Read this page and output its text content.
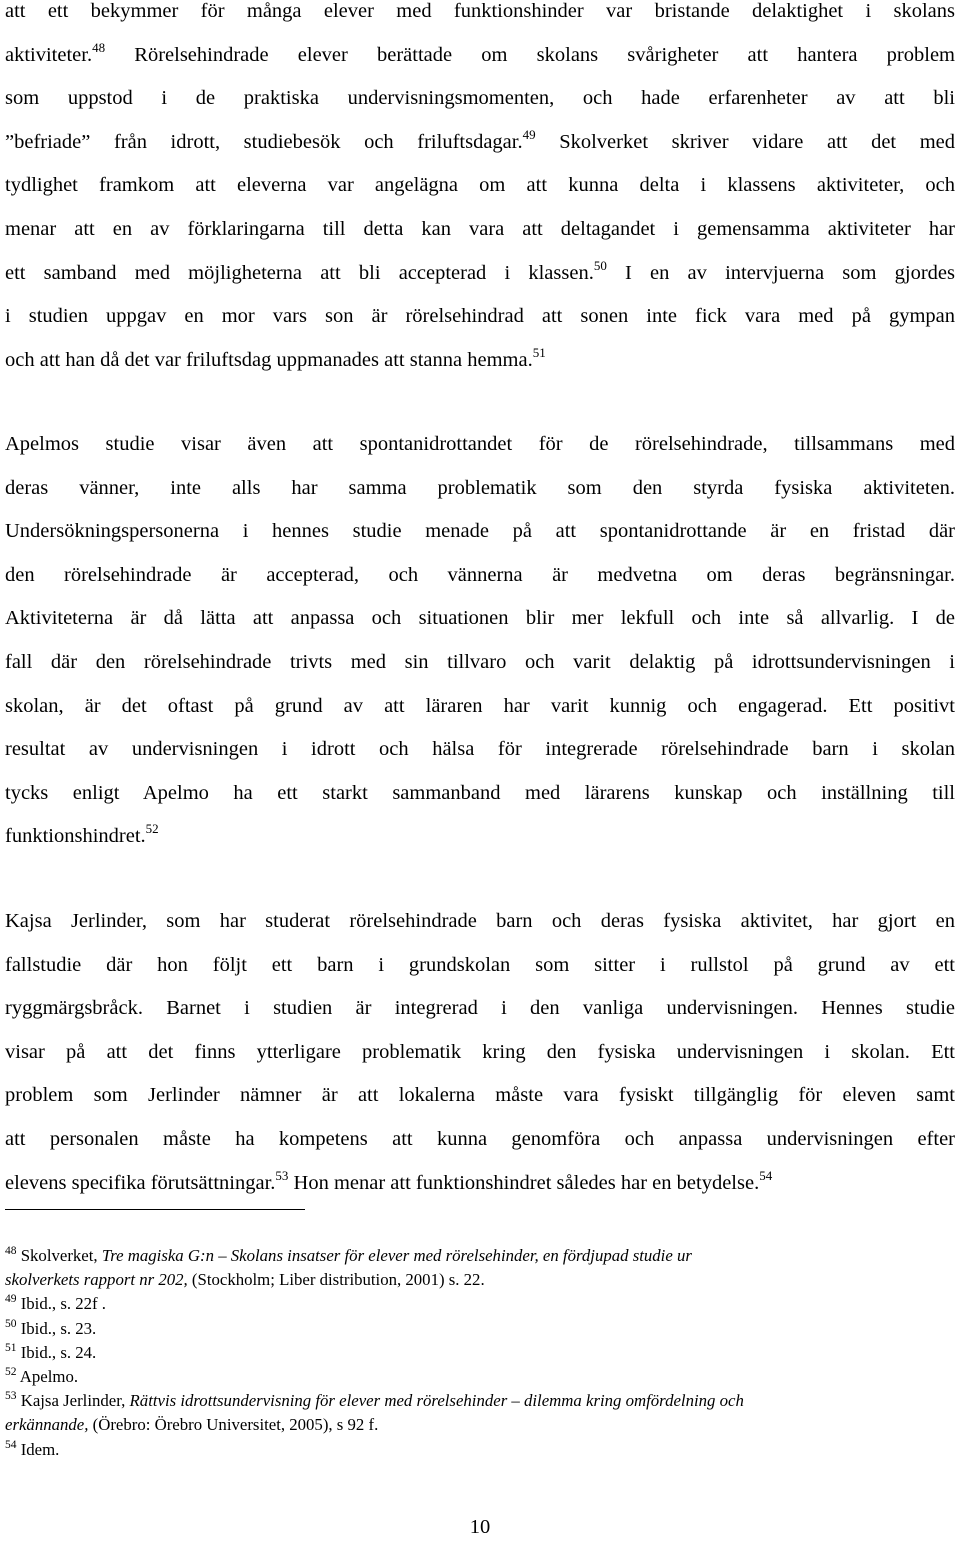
att ett bekymmer för många elever med funktionshinder var bristande delaktighet i skolans
aktiviteter.$^{48}$ Rörelsehindrade elever berättade om skolans svårigheter att hantera problem
som uppstod i de praktiska undervisningsmomenten, och hade erfarenheter av att bli
”befriade” från idrott, studiebesök och friluftsdagar.$^{49}$ Skolverket skriver vidare att det med
tydlighet framkom att eleverna var angelägna om att kunna delta i klassens aktiviteter, och
menar att en av förklaringarna till detta kan vara att deltagandet i gemensamma aktiviteter har
ett samband med möjligheterna att bli accepterad i klassen.$^{50}$ I en av intervjuerna som gjordes
i studien uppgav en mor vars son är rörelsehindrad att sonen inte fick vara med på gympan
och att han då det var friluftsdag uppmanades att stanna hemma.$^{51}$
Apelmos studie visar även att spontanidrottandet för de rörelsehindrade, tillsammans med
deras vänner, inte alls har samma problematik som den styrda fysiska aktiviteten.
Undersökningspersonerna i hennes studie menade på att spontanidrottande är en fristad där
den rörelsehindrade är accepterad, och vännerna är medvetna om deras begränsningar.
Aktiviteterna är då lätta att anpassa och situationen blir mer lekfull och inte så allvarlig. I de
fall där den rörelsehindrade trivts med sin tillvaro och varit delaktig på idrottsundervisningen i
skolan, är det oftast på grund av att läraren har varit kunnig och engagerad. Ett positivt
resultat av undervisningen i idrott och hälsa för integrerade rörelsehindrade barn i skolan
tycks enligt Apelmo ha ett starkt sammanband med lärarens kunskap och inställning till
funktionshindret.$^{52}$
Kajsa Jerlinder, som har studerat rörelsehindrade barn och deras fysiska aktivitet, har gjort en
fallstudie där hon följt ett barn i grundskolan som sitter i rullstol på grund av ett
ryggmärgsbråck. Barnet i studien är integrerad i den vanliga undervisningen. Hennes studie
visar på att det finns ytterligare problematik kring den fysiska undervisningen i skolan. Ett
problem som Jerlinder nämner är att lokalerna måste vara fysiskt tillgänglig för eleven samt
att personalen måste ha kompetens att kunna genomföra och anpassa undervisningen efter
elevens specifika förutsättningar.$^{53}$ Hon menar att funktionshindret således har en betydelse.$^{54}$
$^{48}$ Skolverket, Tre magiska G:n – Skolans insatser för elever med rörelsehinder, en fördjupad studie ur
skolverkets rapport nr 202, (Stockholm; Liber distribution, 2001) s. 22.
$^{49}$ Ibid., s. 22f .
$^{50}$ Ibid., s. 23.
$^{51}$ Ibid., s. 24.
$^{52}$ Apelmo.
$^{53}$ Kajsa Jerlinder, Rättvis idrottsundervisning för elever med rörelsehinder – dilemma kring omfördelning och
erkännande, (Örebro: Örebro Universitet, 2005), s 92 f.
$^{54}$ Idem.
10
